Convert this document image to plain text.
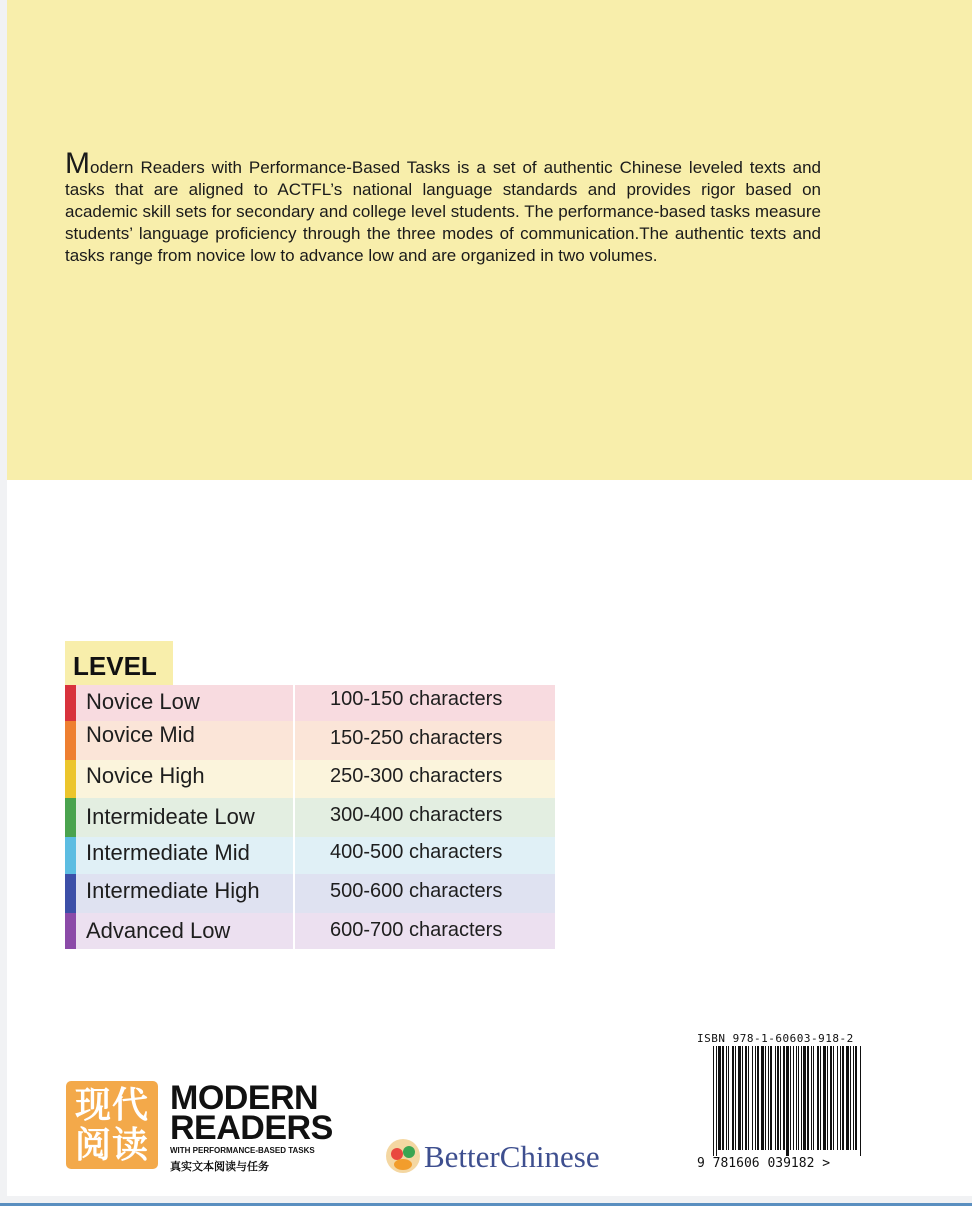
Modern Readers with Performance-Based Tasks is a set of authentic Chinese leveled texts and tasks that are aligned to ACTFL’s national language standards and provides rigor based on academic skill sets for secondary and college level students. The performance-based tasks measure students’ language proficiency through the three modes of communication.The authentic texts and tasks range from novice low to advance low and are organized in two volumes.

LEVEL
Novice Low	100-150 characters
Novice Mid	150-250 characters
Novice High	250-300 characters
Intermideate Low	300-400 characters
Intermediate Mid	400-500 characters
Intermediate High	500-600 characters
Advanced Low	600-700 characters
现代
阅读
MODERN
READERS
WITH PERFORMANCE-BASED TASKS
真实文本阅读与任务	BetterChinese
ISBN 978-1-60603-918-2
9 781606 039182 >
